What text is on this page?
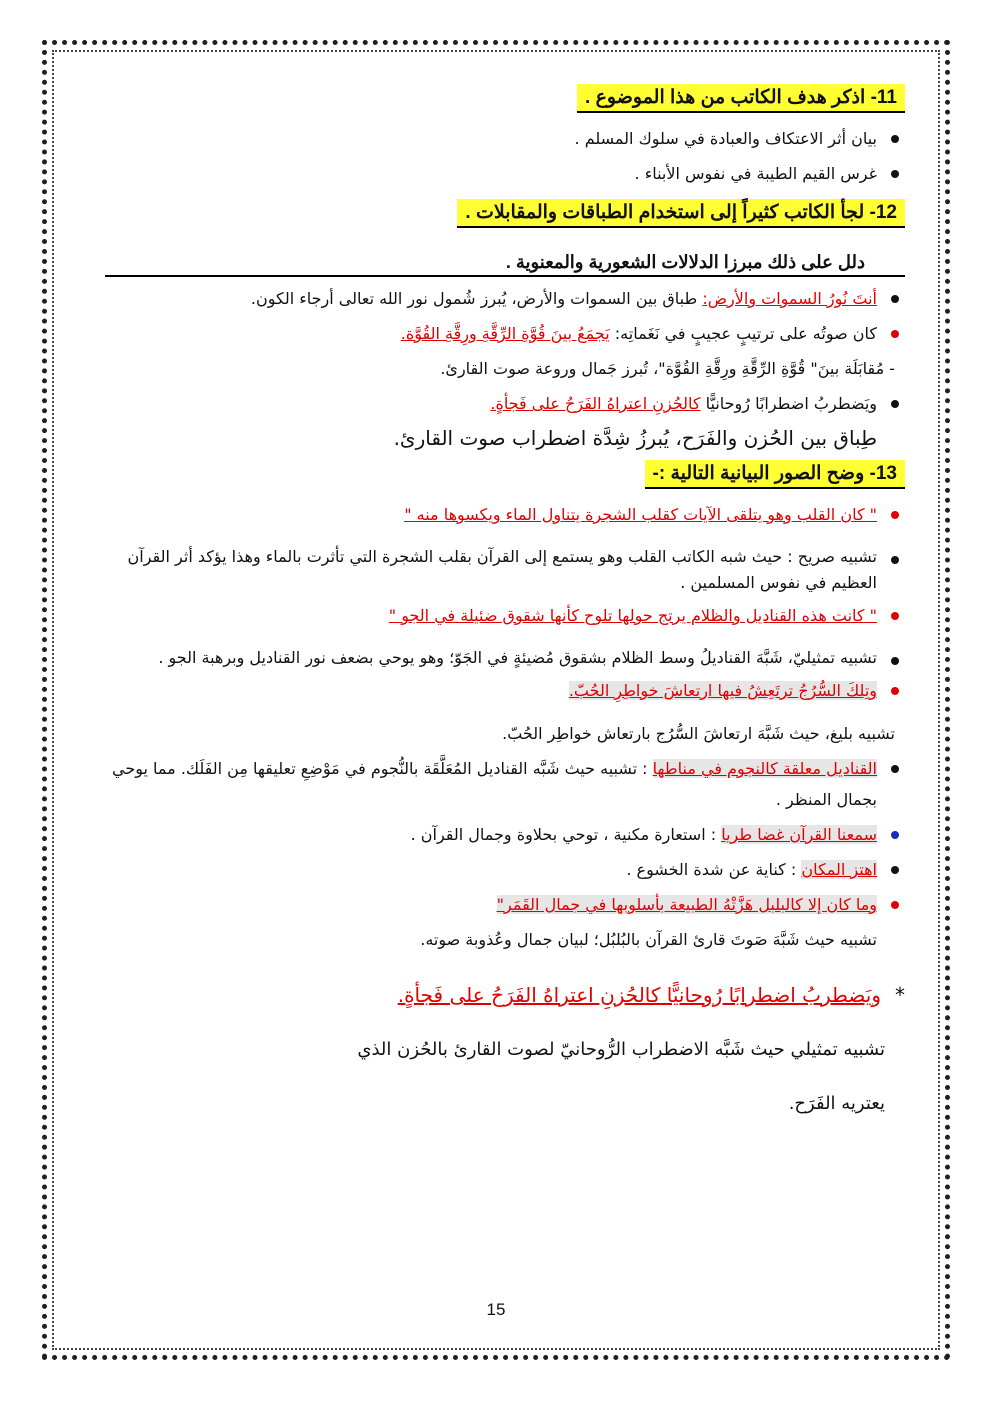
11- اذكر هدف الكاتب من هذا الموضوع .
بيان أثر الاعتكاف والعبادة في سلوك المسلم .
غرس القيم الطيبة في نفوس الأبناء .
12- لجأ الكاتب كثيراً إلى استخدام الطباقات والمقابلات . دلل على ذلك مبرزا الدلالات الشعورية والمعنوية .
أنتَ نُورُ السموات والأرض: طباق بين السموات والأرض، يُبرز شُمول نور الله تعالى أرجاء الكون.
كان صوتُه على ترتيبٍ عجيبٍ في نَغَماتِه: يَجمَعُ بينَ قُوَّةِ الرِّقَّةِ ورِقَّةِ القُوَّة.
- مُقابَلَة بينَ" قُوَّةِ الرِّقَّةِ ورِقَّةِ القُوَّة"، تُبرز جَمال وروعة صوت القارئ.
ويَضطربُ اضطرابًا رُوحانيًّا كالحُزنِ اعتراهُ الفَرَحُ على فَجأةٍ.
طِباق بين الحُزن والفَرَح، يُبرزُ شِدَّة اضطراب صوت القارئ.
13- وضح الصور البيانية التالية :-
" كان القلب وهو يتلقى الآيات كقلب الشجرة يتناول الماء ويكسوها منه "
تشبيه صريح : حيث شبه الكاتب القلب وهو يستمع إلى القرآن بقلب الشجرة التي تأثرت بالماء وهذا يؤكد أثر القرآن العظيم في نفوس المسلمين .
" كانت هذه القناديل والظلام يرتج حولها تلوح كأنها شقوق ضئيلة في الجو "
تشبيه تمثيليّ، شَبَّهَ القناديلُ وسط الظلام بشقوق مُضيئةٍ في الجَوّ؛ وهو يوحي بضعف نور القناديل وبرهبة الجو .
وتِلكَ السُّرُجُ ترتَعِشُ فيها ارتعاشَ خواطِرِ الحُبّ.
تشبيه بليغ، حيث شَبَّهَ ارتعاشَ السُّرُج بارتعاش خواطِر الحُبّ.
القناديل معلقة كالنجوم في مناطها : تشبيه حيث شَبَّه القناديل المُعَلَّقَة بالنُّجوم في مَوْضِعِ تعليقها مِن الفَلَك. مما يوحي بجمال المنظر .
سمعنا القرآن غضا طريا : استعارة مكنية ، توحي بحلاوة وجمال القرآن .
اهتز المكان : كناية عن شدة الخشوع .
وما كان إلا كالبلبل هَزَّتْهُ الطبيعة بأسلوبها في جمال القَمَر"
تشبيه حيث شَبَّهَ صَوتَ قارئ القرآن بالبُلبُل؛ لبيان جمال وعُذوبة صوته.
*ويَضطربُ اضطرابًا رُوحانيًّا كالحُزنِ اعتراهُ الفَرَحُ على فَجأةٍ.
تشبيه تمثيلي حيث شَبَّه الاضطراب الرُّوحانيّ لصوت القارئ بالحُزن الذي
يعتريه الفَرَح.
15
